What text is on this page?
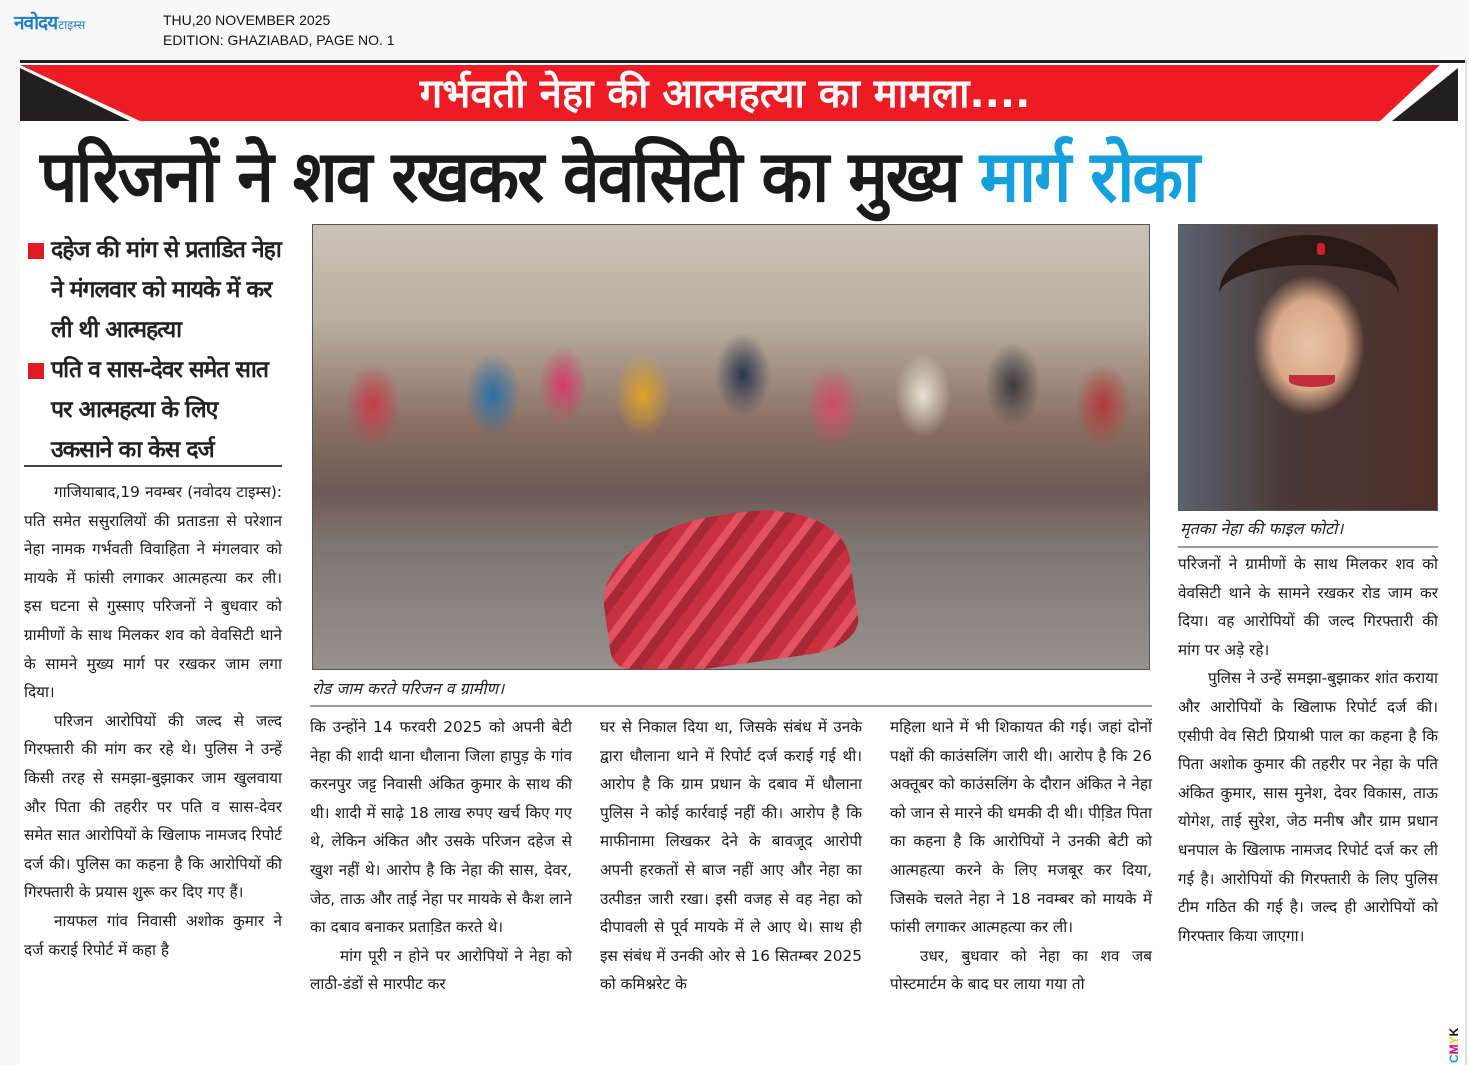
नवोदय टाइम्स	THU,20 NOVEMBER 2025
EDITION: GHAZIABAD, PAGE NO. 1
गर्भवती नेहा की आत्महत्या का मामला....
परिजनों ने शव रखकर वेवसिटी का मुख्य मार्ग रोका
दहेज की मांग से प्रताडित नेहा ने मंगलवार को मायके में कर ली थी आत्महत्या
पति व सास-देवर समेत सात पर आत्महत्या के लिए उकसाने का केस दर्ज
रोड जाम करते परिजन व ग्रामीण।
मृतका नेहा की फाइल फोटो।

गाजियाबाद,19 नवम्बर (नवोदय टाइम्स): पति समेत ससुरालियों की प्रताडऩा से परेशान नेहा नामक गर्भवती विवाहिता ने मंगलवार को मायके में फांसी लगाकर आत्महत्या कर ली। इस घटना से गुस्साए परिजनों ने बुधवार को ग्रामीणों के साथ मिलकर शव को वेवसिटी थाने के सामने मुख्य मार्ग पर रखकर जाम लगा दिया।

परिजन आरोपियों की जल्द से जल्द गिरफ्तारी की मांग कर रहे थे। पुलिस ने उन्हें किसी तरह से समझा-बुझाकर जाम खुलवाया और पिता की तहरीर पर पति व सास-देवर समेत सात आरोपियों के खिलाफ नामजद रिपोर्ट दर्ज की। पुलिस का कहना है कि आरोपियों की गिरफ्तारी के प्रयास शुरू कर दिए गए हैं।

नायफल गांव निवासी अशोक कुमार ने दर्ज कराई रिपोर्ट में कहा है

कि उन्होंने 14 फरवरी 2025 को अपनी बेटी नेहा की शादी थाना धौलाना जिला हापुड़ के गांव करनपुर जट्ट निवासी अंकित कुमार के साथ की थी। शादी में साढ़े 18 लाख रुपए खर्च किए गए थे, लेकिन अंकित और उसके परिजन दहेज से खुश नहीं थे। आरोप है कि नेहा की सास, देवर, जेठ, ताऊ और ताई नेहा पर मायके से कैश लाने का दबाव बनाकर प्रताडि़त करते थे।

मांग पूरी न होने पर आरोपियों ने नेहा को लाठी-डंडों से मारपीट कर

घर से निकाल दिया था, जिसके संबंध में उनके द्वारा धौलाना थाने में रिपोर्ट दर्ज कराई गई थी। आरोप है कि ग्राम प्रधान के दबाव में धौलाना पुलिस ने कोई कार्रवाई नहीं की। आरोप है कि माफीनामा लिखकर देने के बावजूद आरोपी अपनी हरकतों से बाज नहीं आए और नेहा का उत्पीडऩ जारी रखा। इसी वजह से वह नेहा को दीपावली से पूर्व मायके में ले आए थे। साथ ही इस संबंध में उनकी ओर से 16 सितम्बर 2025 को कमिश्नरेट के

महिला थाने में भी शिकायत की गई। जहां दोनों पक्षों की काउंसलिंग जारी थी। आरोप है कि 26 अक्तूबर को काउंसलिंग के दौरान अंकित ने नेहा को जान से मारने की धमकी दी थी। पीडि़त पिता का कहना है कि आरोपियों ने उनकी बेटी को आत्महत्या करने के लिए मजबूर कर दिया, जिसके चलते नेहा ने 18 नवम्बर को मायके में फांसी लगाकर आत्महत्या कर ली।

उधर, बुधवार को नेहा का शव जब पोस्टमार्टम के बाद घर लाया गया तो

परिजनों ने ग्रामीणों के साथ मिलकर शव को वेवसिटी थाने के सामने रखकर रोड जाम कर दिया। वह आरोपियों की जल्द गिरफ्तारी की मांग पर अड़े रहे।

पुलिस ने उन्हें समझा-बुझाकर शांत कराया और आरोपियों के खिलाफ रिपोर्ट दर्ज की। एसीपी वेव सिटी प्रियाश्री पाल का कहना है कि पिता अशोक कुमार की तहरीर पर नेहा के पति अंकित कुमार, सास मुनेश, देवर विकास, ताऊ योगेश, ताई सुरेश, जेठ मनीष और ग्राम प्रधान धनपाल के खिलाफ नामजद रिपोर्ट दर्ज कर ली गई है। आरोपियों की गिरफ्तारी के लिए पुलिस टीम गठित की गई है। जल्द ही आरोपियों को गिरफ्तार किया जाएगा।

CMYK
